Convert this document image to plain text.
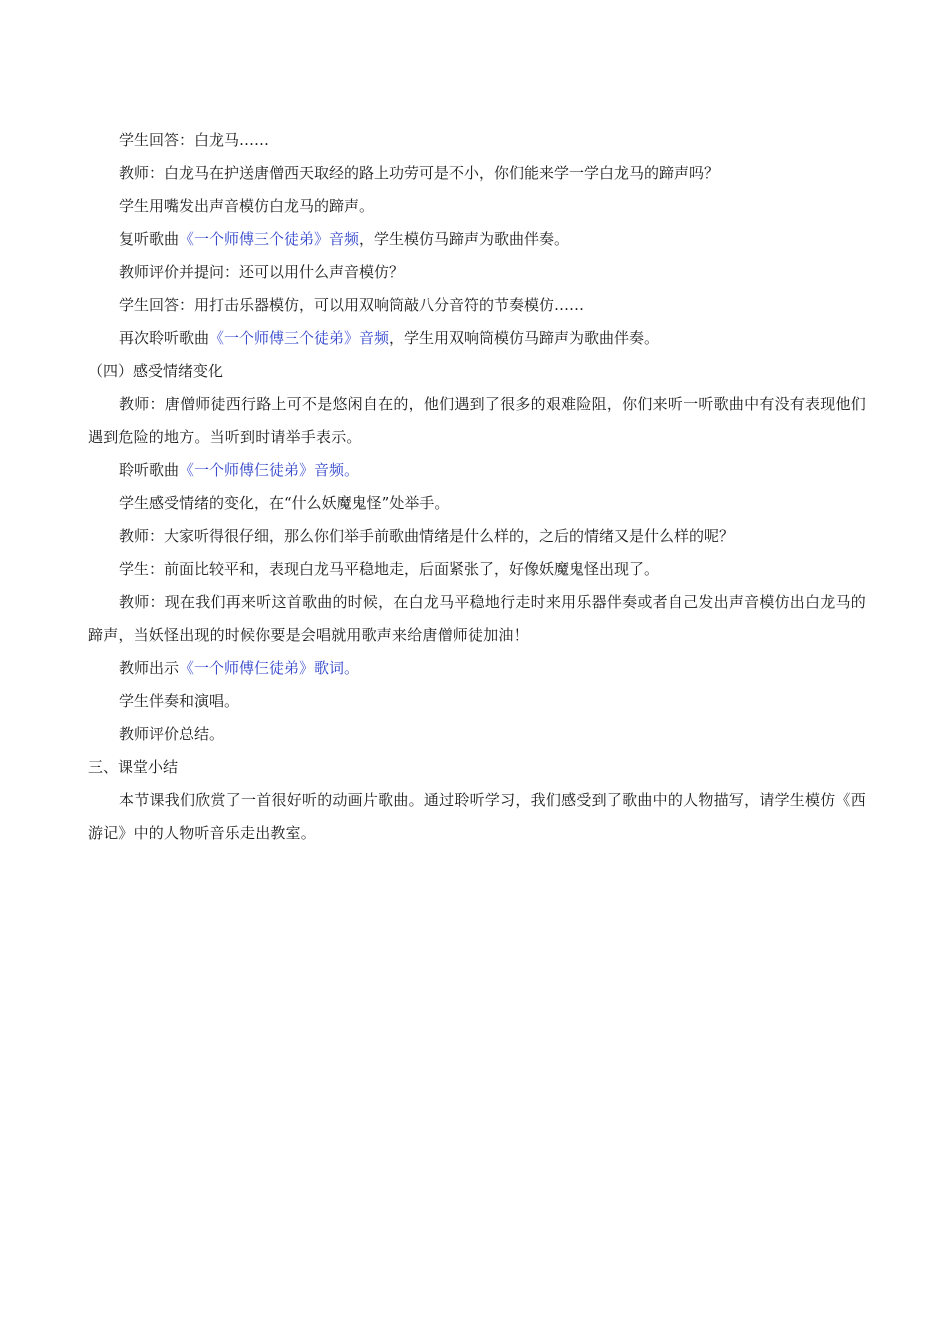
学生回答：白龙马……
教师：白龙马在护送唐僧西天取经的路上功劳可是不小，你们能来学一学白龙马的蹄声吗？
学生用嘴发出声音模仿白龙马的蹄声。
复听歌曲《一个师傅三个徒弟》音频，学生模仿马蹄声为歌曲伴奏。
教师评价并提问：还可以用什么声音模仿？
学生回答：用打击乐器模仿，可以用双响筒敲八分音符的节奏模仿……
再次聆听歌曲《一个师傅三个徒弟》音频，学生用双响筒模仿马蹄声为歌曲伴奏。
（四）感受情绪变化
教师：唐僧师徒西行路上可不是悠闲自在的，他们遇到了很多的艰难险阻，你们来听一听歌曲中有没有表现他们遇到危险的地方。当听到时请举手表示。
聆听歌曲《一个师傅仨徒弟》音频。
学生感受情绪的变化，在“什么妖魔鬼怪”处举手。
教师：大家听得很仔细，那么你们举手前歌曲情绪是什么样的，之后的情绪又是什么样的呢？
学生：前面比较平和，表现白龙马平稳地走，后面紧张了，好像妖魔鬼怪出现了。
教师：现在我们再来听这首歌曲的时候，在白龙马平稳地行走时来用乐器伴奏或者自己发出声音模仿出白龙马的蹄声，当妖怪出现的时候你要是会唱就用歌声来给唐僧师徒加油！
教师出示《一个师傅仨徒弟》歌词。
学生伴奏和演唱。
教师评价总结。
三、课堂小结
本节课我们欣赏了一首很好听的动画片歌曲。通过聆听学习，我们感受到了歌曲中的人物描写，请学生模仿《西游记》中的人物听音乐走出教室。
